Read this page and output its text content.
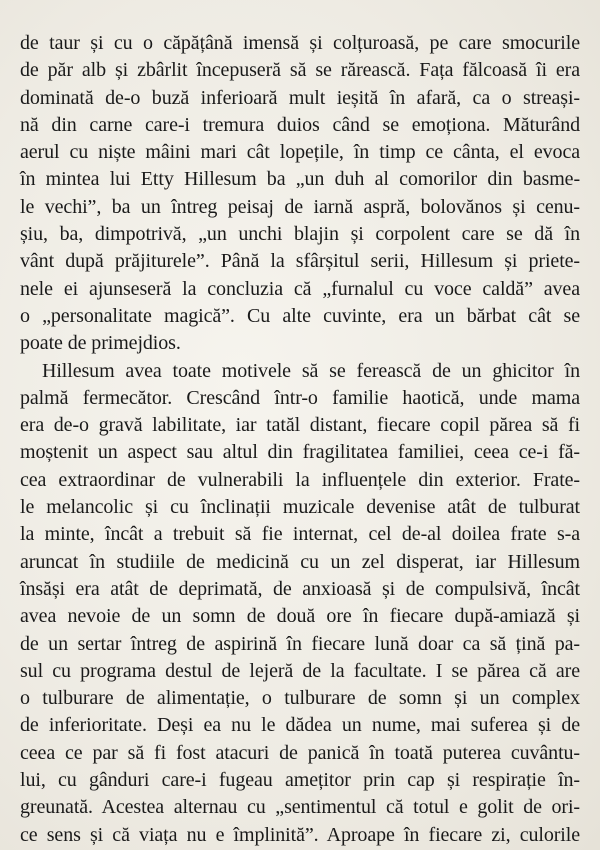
de taur și cu o căpățână imensă și colțuroasă, pe care smocurile
de păr alb și zbârlit începuseră să se rărească. Fața fălcoasă îi era
dominată de-o buză inferioară mult ieșită în afară, ca o streași-
nă din carne care-i tremura duios când se emoționa. Măturând
aerul cu niște mâini mari cât lopețile, în timp ce cânta, el evoca
în mintea lui Etty Hillesum ba „un duh al comorilor din basme-
le vechi”, ba un întreg peisaj de iarnă aspră, bolovănos și cenu-
șiu, ba, dimpotrivă, „un unchi blajin și corpolent care se dă în
vânt după prăjiturele”. Până la sfârșitul serii, Hillesum și priete-
nele ei ajunseseră la concluzia că „furnalul cu voce caldă” avea
o „personalitate magică”. Cu alte cuvinte, era un bărbat cât se
poate de primejdios.
Hillesum avea toate motivele să se ferească de un ghicitor în
palmă fermecător. Crescând într-o familie haotică, unde mama
era de-o gravă labilitate, iar tatăl distant, fiecare copil părea să fi
moștenit un aspect sau altul din fragilitatea familiei, ceea ce-i fă-
cea extraordinar de vulnerabili la influențele din exterior. Frate-
le melancolic și cu înclinații muzicale devenise atât de tulburat
la minte, încât a trebuit să fie internat, cel de-al doilea frate s-a
aruncat în studiile de medicină cu un zel disperat, iar Hillesum
însăși era atât de deprimată, de anxioasă și de compulsivă, încât
avea nevoie de un somn de două ore în fiecare după-amiază și
de un sertar întreg de aspirină în fiecare lună doar ca să țină pa-
sul cu programa destul de lejeră de la facultate. I se părea că are
o tulburare de alimentație, o tulburare de somn și un complex
de inferioritate. Deși ea nu le dădea un nume, mai suferea și de
ceea ce par să fi fost atacuri de panică în toată puterea cuvântu-
lui, cu gânduri care-i fugeau amețitor prin cap și respirație în-
greunată. Acestea alternau cu „sentimentul că totul e golit de ori-
ce sens și că viața nu e împlinită”. Aproape în fiecare zi, culorile
